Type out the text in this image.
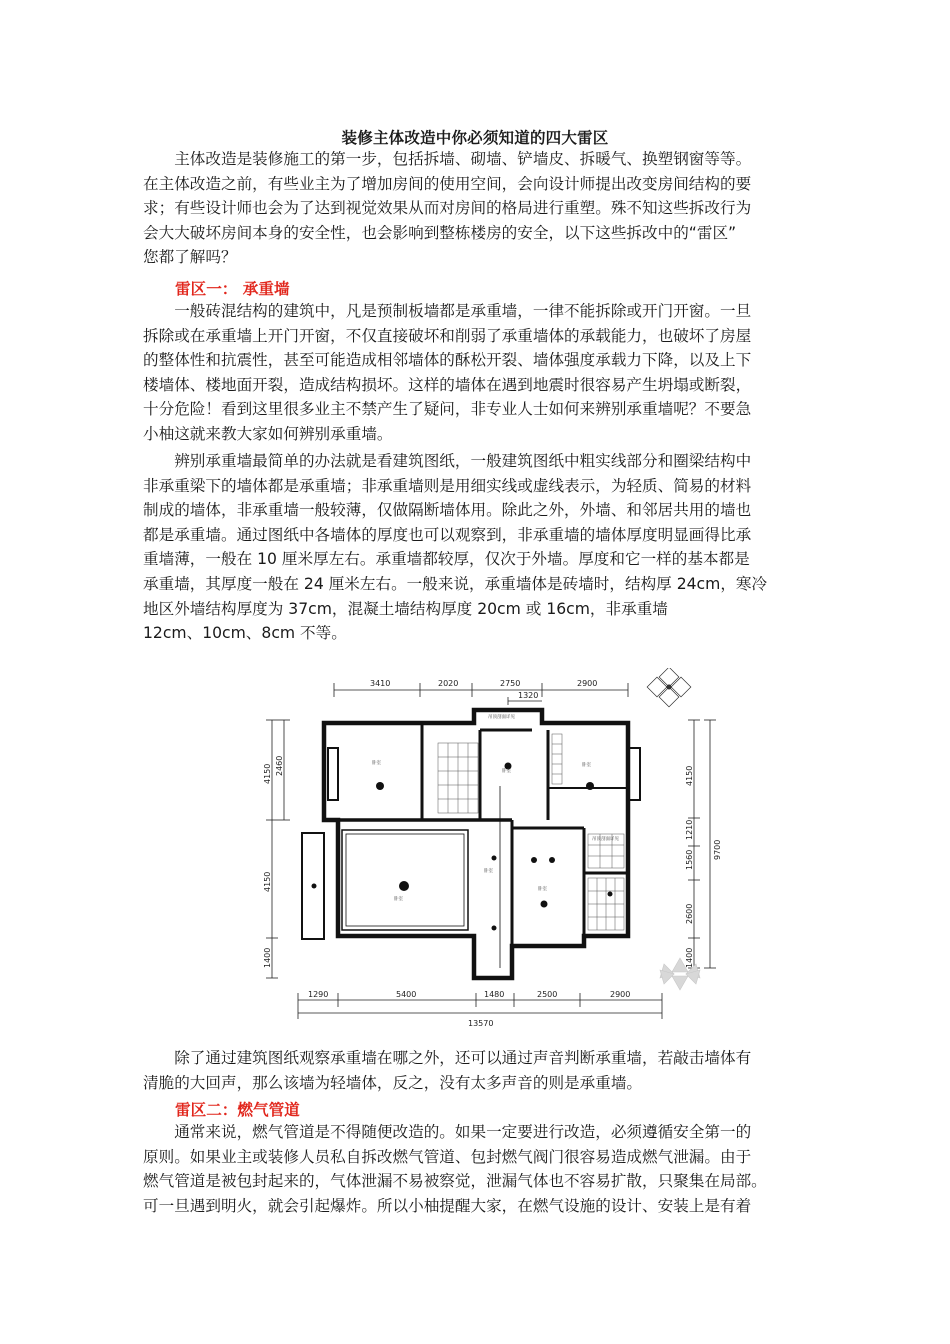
装修主体改造中你必须知道的四大雷区

主体改造是装修施工的第一步，包括拆墙、砌墙、铲墙皮、拆暖气、换塑钢窗等等。

在主体改造之前，有些业主为了增加房间的使用空间，会向设计师提出改变房间结构的要

求；有些设计师也会为了达到视觉效果从而对房间的格局进行重塑。殊不知这些拆改行为

会大大破坏房间本身的安全性，也会影响到整栋楼房的安全，以下这些拆改中的“雷区”

您都了解吗？

雷区一： 承重墙

一般砖混结构的建筑中，凡是预制板墙都是承重墙，一律不能拆除或开门开窗。一旦

拆除或在承重墙上开门开窗，不仅直接破坏和削弱了承重墙体的承载能力，也破坏了房屋

的整体性和抗震性，甚至可能造成相邻墙体的酥松开裂、墙体强度承载力下降，以及上下

楼墙体、楼地面开裂，造成结构损坏。这样的墙体在遇到地震时很容易产生坍塌或断裂，

十分危险！看到这里很多业主不禁产生了疑问，非专业人士如何来辨别承重墙呢？不要急

小柚这就来教大家如何辨别承重墙。

辨别承重墙最简单的办法就是看建筑图纸，一般建筑图纸中粗实线部分和圈梁结构中

非承重梁下的墙体都是承重墙；非承重墙则是用细实线或虚线表示，为轻质、简易的材料

制成的墙体，非承重墙一般较薄，仅做隔断墙体用。除此之外，外墙、和邻居共用的墙也

都是承重墙。通过图纸中各墙体的厚度也可以观察到，非承重墙的墙体厚度明显画得比承

重墙薄，一般在 10 厘米厚左右。承重墙都较厚，仅次于外墙。厚度和它一样的基本都是

承重墙，其厚度一般在 24 厘米左右。一般来说，承重墙体是砖墙时，结构厚 24cm，寒冷

地区外墙结构厚度为 37cm，混凝土墙结构厚度 20cm 或 16cm，非承重墙

12cm、10cm、8cm 不等。

卧室
卧室
卧室
卧室
卧室
卧室
吊顶剖面详见
吊顶剖面详见
3410	2020	2750	2900
1320
1290	5400	1480	2500	2900
13570
2460
4150
4150
1400
4150
1210
1560
2600
1400
9700

除了通过建筑图纸观察承重墙在哪之外，还可以通过声音判断承重墙，若敲击墙体有

清脆的大回声，那么该墙为轻墙体，反之，没有太多声音的则是承重墙。

雷区二：燃气管道

通常来说，燃气管道是不得随便改造的。如果一定要进行改造，必须遵循安全第一的

原则。如果业主或装修人员私自拆改燃气管道、包封燃气阀门很容易造成燃气泄漏。由于

燃气管道是被包封起来的，气体泄漏不易被察觉，泄漏气体也不容易扩散，只聚集在局部。

可一旦遇到明火，就会引起爆炸。所以小柚提醒大家，在燃气设施的设计、安装上是有着
